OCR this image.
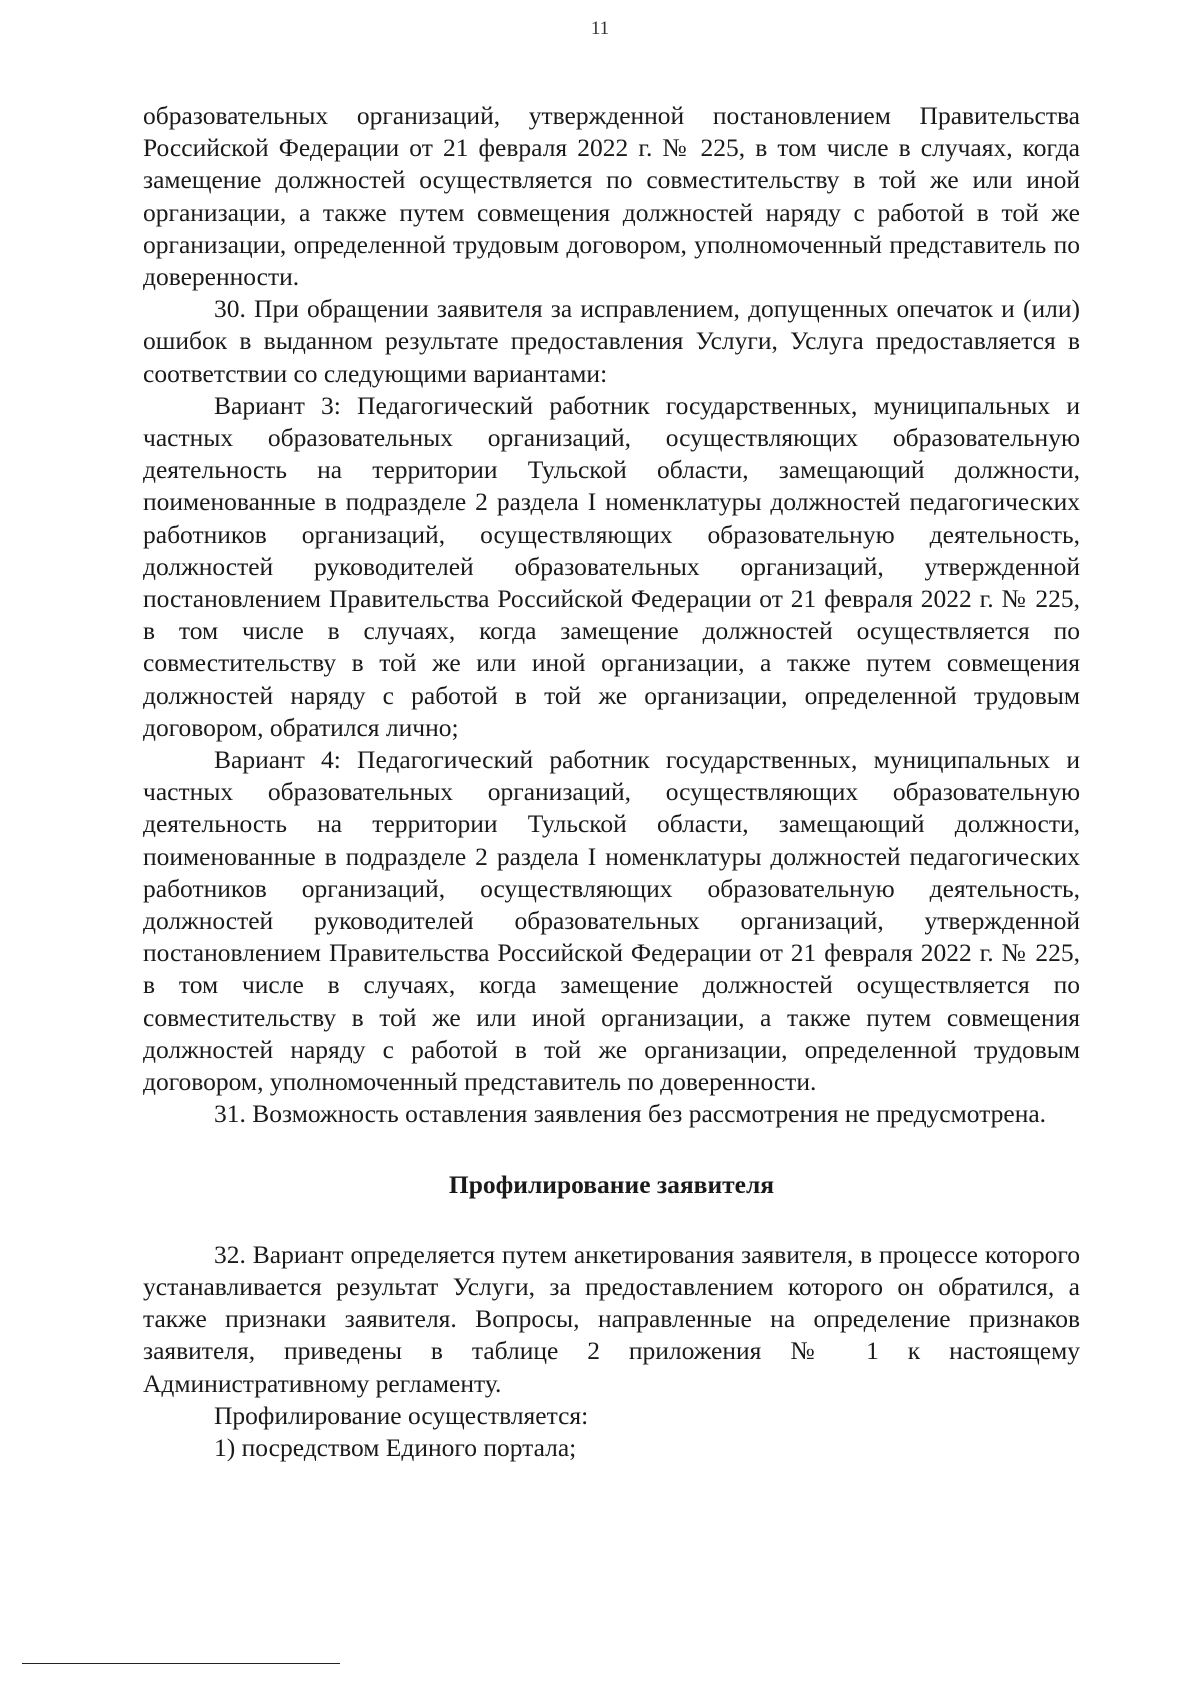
11

образовательных организаций, утвержденной постановлением Правительства Российской Федерации от 21 февраля 2022 г. № 225, в том числе в случаях, когда замещение должностей осуществляется по совместительству в той же или иной организации, а также путем совмещения должностей наряду с работой в той же организации, определенной трудовым договором, уполномоченный представитель по доверенности.

30. При обращении заявителя за исправлением, допущенных опечаток и (или) ошибок в выданном результате предоставления Услуги, Услуга предоставляется в соответствии со следующими вариантами:

Вариант 3: Педагогический работник государственных, муниципальных и частных образовательных организаций, осуществляющих образовательную деятельность на территории Тульской области, замещающий должности, поименованные в подразделе 2 раздела I номенклатуры должностей педагогических работников организаций, осуществляющих образовательную деятельность, должностей руководителей образовательных организаций, утвержденной постановлением Правительства Российской Федерации от 21 февраля 2022 г. № 225, в том числе в случаях, когда замещение должностей осуществляется по совместительству в той же или иной организации, а также путем совмещения должностей наряду с работой в той же организации, определенной трудовым договором, обратился лично;

Вариант 4: Педагогический работник государственных, муниципальных и частных образовательных организаций, осуществляющих образовательную деятельность на территории Тульской области, замещающий должности, поименованные в подразделе 2 раздела I номенклатуры должностей педагогических работников организаций, осуществляющих образовательную деятельность, должностей руководителей образовательных организаций, утвержденной постановлением Правительства Российской Федерации от 21 февраля 2022 г. № 225, в том числе в случаях, когда замещение должностей осуществляется по совместительству в той же или иной организации, а также путем совмещения должностей наряду с работой в той же организации, определенной трудовым договором, уполномоченный представитель по доверенности.

31. Возможность оставления заявления без рассмотрения не предусмотрена.

Профилирование заявителя

32. Вариант определяется путем анкетирования заявителя, в процессе которого устанавливается результат Услуги, за предоставлением которого он обратился, а также признаки заявителя. Вопросы, направленные на определение признаков заявителя, приведены в таблице 2 приложения № 1 к настоящему Административному регламенту.

Профилирование осуществляется:

1) посредством Единого портала;
